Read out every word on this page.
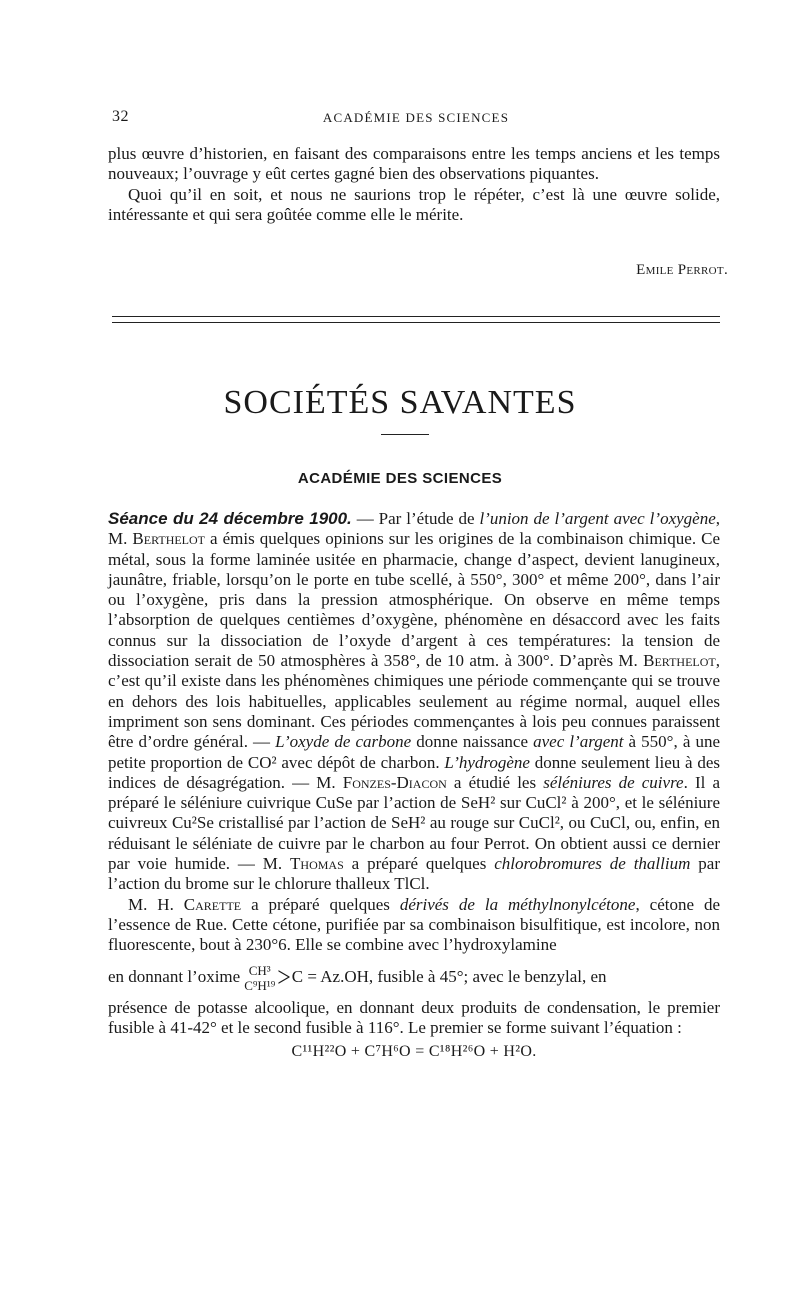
32	ACADÉMIE DES SCIENCES

plus œuvre d’historien, en faisant des comparaisons entre les temps anciens et les temps nouveaux; l’ouvrage y eût certes gagné bien des observations piquantes.

Quoi qu’il en soit, et nous ne saurions trop le répéter, c’est là une œuvre solide, intéressante et qui sera goûtée comme elle le mérite.

Emile Perrot.
SOCIÉTÉS SAVANTES
ACADÉMIE DES SCIENCES

Séance du 24 décembre 1900. — Par l’étude de l’union de l’argent avec l’oxygène, M. Berthelot a émis quelques opinions sur les origines de la combinaison chimique. Ce métal, sous la forme laminée usitée en pharmacie, change d’aspect, devient lanugineux, jaunâtre, friable, lorsqu’on le porte en tube scellé, à 550°, 300° et même 200°, dans l’air ou l’oxygène, pris dans la pression atmosphérique. On observe en même temps l’absorption de quelques centièmes d’oxygène, phénomène en désaccord avec les faits connus sur la dissociation de l’oxyde d’argent à ces températures: la tension de dissociation serait de 50 atmosphères à 358°, de 10 atm. à 300°. D’après M. Berthelot, c’est qu’il existe dans les phénomènes chimiques une période commençante qui se trouve en dehors des lois habituelles, applicables seulement au régime normal, auquel elles impriment son sens dominant. Ces périodes commençantes à lois peu connues paraissent être d’ordre général. — L’oxyde de carbone donne naissance avec l’argent à 550°, à une petite proportion de CO² avec dépôt de charbon. L’hydrogène donne seulement lieu à des indices de désagrégation. — M. Fonzes-Diacon a étudié les séléniures de cuivre. Il a préparé le séléniure cuivrique CuSe par l’action de SeH² sur CuCl² à 200°, et le séléniure cuivreux Cu²Se cristallisé par l’action de SeH² au rouge sur CuCl², ou CuCl, ou, enfin, en réduisant le séléniate de cuivre par le charbon au four Perrot. On obtient aussi ce dernier par voie humide. — M. Thomas a préparé quelques chlorobromures de thallium par l’action du brome sur le chlorure thalleux TlCl.

M. H. Carette a préparé quelques dérivés de la méthylnonylcétone, cétone de l’essence de Rue. Cette cétone, purifiée par sa combinaison bisulfitique, est incolore, non fluorescente, bout à 230°6. Elle se combine avec l’hydroxylamine

en donnant l’oxime CH³
C⁹H¹⁹ > C = Az.OH, fusible à 45°; avec le benzylal, en

présence de potasse alcoolique, en donnant deux produits de condensation, le premier fusible à 41-42° et le second fusible à 116°. Le premier se forme suivant l’équation :

C¹¹H²²O + C⁷H⁶O = C¹⁸H²⁶O + H²O.
